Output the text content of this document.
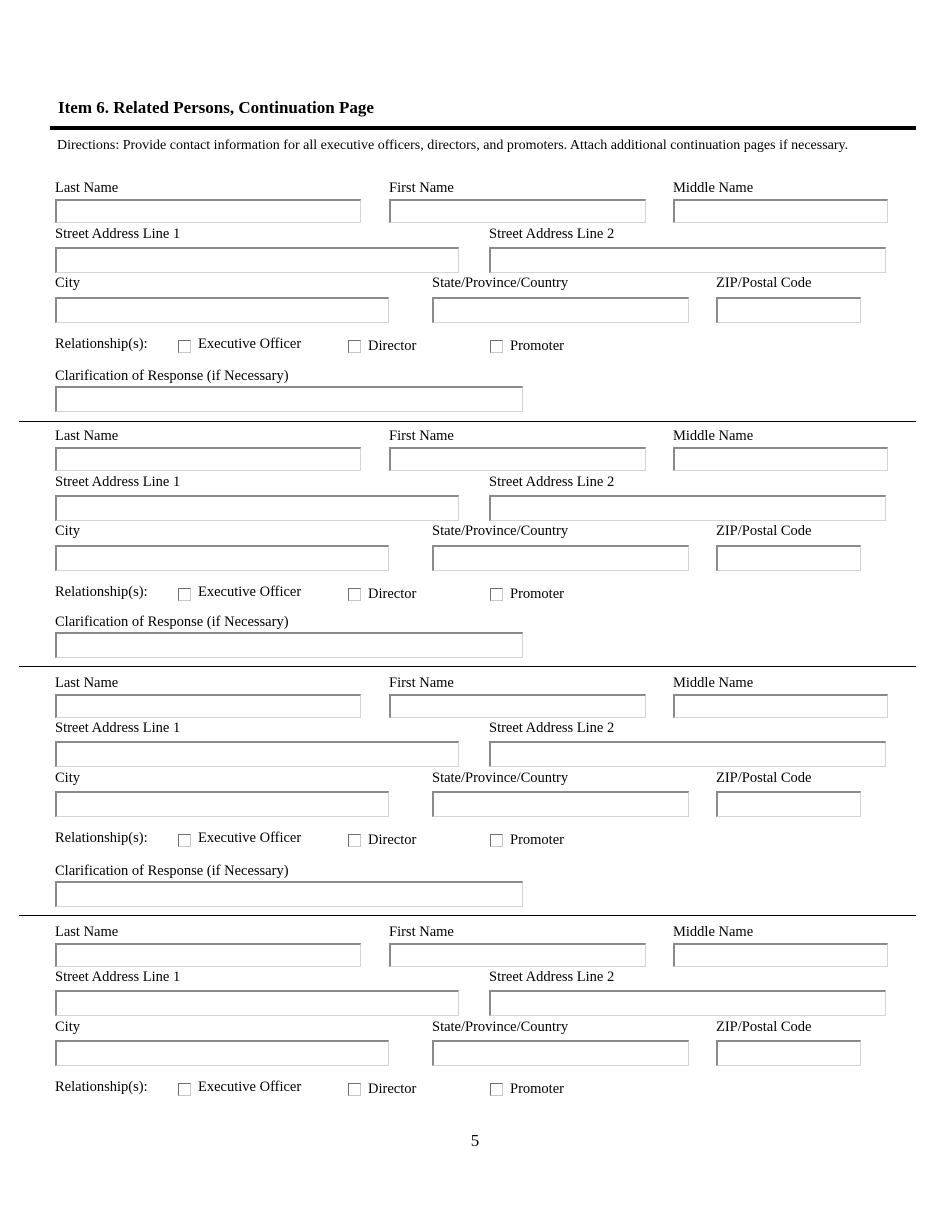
Item 6. Related Persons, Continuation Page
Directions: Provide contact information for all executive officers, directors, and promoters. Attach additional continuation pages if necessary.
Last Name	First Name	Middle Name
Street Address Line 1	Street Address Line 2
City	State/Province/Country	ZIP/Postal Code
Relationship(s):	Executive Officer	Director	Promoter
Clarification of Response (if Necessary)
Last Name	First Name	Middle Name
Street Address Line 1	Street Address Line 2
City	State/Province/Country	ZIP/Postal Code
Relationship(s):	Executive Officer	Director	Promoter
Clarification of Response (if Necessary)
Last Name	First Name	Middle Name
Street Address Line 1	Street Address Line 2
City	State/Province/Country	ZIP/Postal Code
Relationship(s):	Executive Officer	Director	Promoter
Clarification of Response (if Necessary)
Last Name	First Name	Middle Name
Street Address Line 1	Street Address Line 2
City	State/Province/Country	ZIP/Postal Code
Relationship(s):	Executive Officer	Director	Promoter
5
